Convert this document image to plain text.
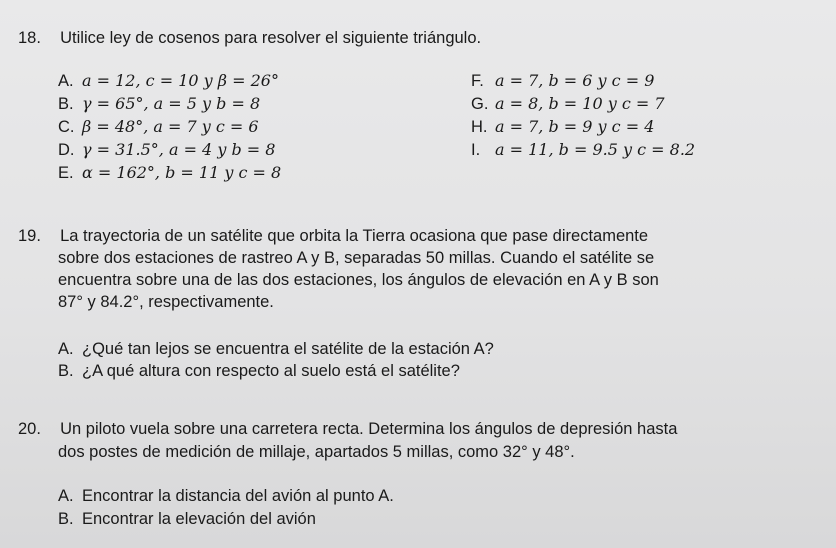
18. Utilice ley de cosenos para resolver el siguiente triángulo.
A. a = 12, c = 10 y β = 26°
B. γ = 65°, a = 5 y b = 8
C. β = 48°, a = 7 y c = 6
D. γ = 31.5°, a = 4 y b = 8
E. α = 162°, b = 11 y c = 8
F. a = 7, b = 6 y c = 9
G. a = 8, b = 10 y c = 7
H. a = 7, b = 9 y c = 4
I. a = 11, b = 9.5 y c = 8.2
19. La trayectoria de un satélite que orbita la Tierra ocasiona que pase directamente
sobre dos estaciones de rastreo A y B, separadas 50 millas. Cuando el satélite se
encuentra sobre una de las dos estaciones, los ángulos de elevación en A y B son
87° y 84.2°, respectivamente.
A. ¿Qué tan lejos se encuentra el satélite de la estación A?
B. ¿A qué altura con respecto al suelo está el satélite?
20. Un piloto vuela sobre una carretera recta. Determina los ángulos de depresión hasta
dos postes de medición de millaje, apartados 5 millas, como 32° y 48°.
A. Encontrar la distancia del avión al punto A.
B. Encontrar la elevación del avión
